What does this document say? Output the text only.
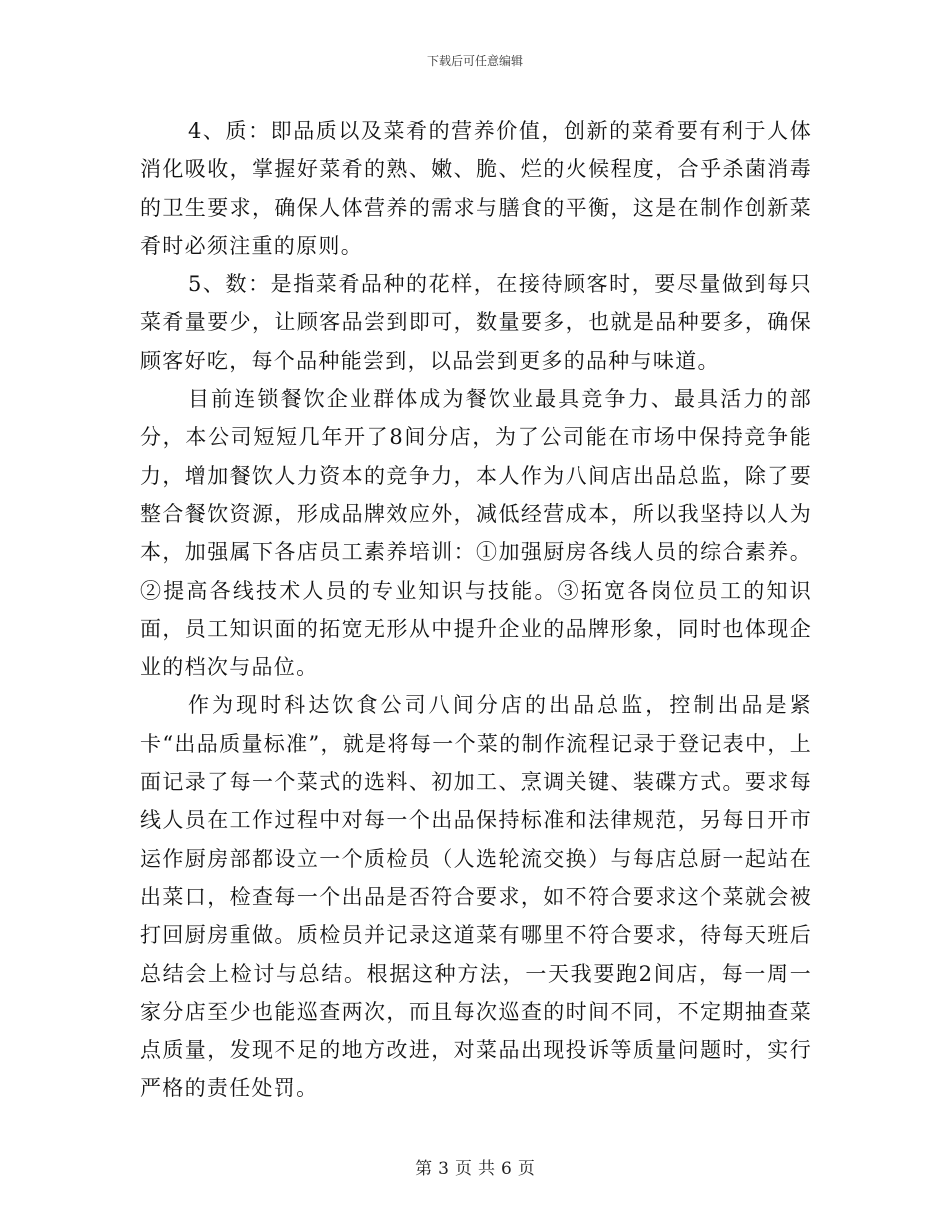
下载后可任意编辑

4、质：即品质以及菜肴的营养价值，创新的菜肴要有利于人体消化吸收，掌握好菜肴的熟、嫩、脆、烂的火候程度，合乎杀菌消毒的卫生要求，确保人体营养的需求与膳食的平衡，这是在制作创新菜肴时必须注重的原则。

5、数：是指菜肴品种的花样，在接待顾客时，要尽量做到每只菜肴量要少，让顾客品尝到即可，数量要多，也就是品种要多，确保顾客好吃，每个品种能尝到，以品尝到更多的品种与味道。

目前连锁餐饮企业群体成为餐饮业最具竞争力、最具活力的部分，本公司短短几年开了8间分店，为了公司能在市场中保持竞争能力，增加餐饮人力资本的竞争力，本人作为八间店出品总监，除了要整合餐饮资源，形成品牌效应外，减低经营成本，所以我坚持以人为本，加强属下各店员工素养培训：①加强厨房各线人员的综合素养。②提高各线技术人员的专业知识与技能。③拓宽各岗位员工的知识面，员工知识面的拓宽无形从中提升企业的品牌形象，同时也体现企业的档次与品位。

作为现时科达饮食公司八间分店的出品总监，控制出品是紧卡“出品质量标准”，就是将每一个菜的制作流程记录于登记表中，上面记录了每一个菜式的选料、初加工、烹调关键、装碟方式。要求每线人员在工作过程中对每一个出品保持标准和法律规范，另每日开市运作厨房部都设立一个质检员（人选轮流交换）与每店总厨一起站在出菜口，检查每一个出品是否符合要求，如不符合要求这个菜就会被打回厨房重做。质检员并记录这道菜有哪里不符合要求，待每天班后总结会上检讨与总结。根据这种方法，一天我要跑2间店，每一周一家分店至少也能巡查两次，而且每次巡查的时间不同，不定期抽查菜点质量，发现不足的地方改进，对菜品出现投诉等质量问题时，实行严格的责任处罚。

第 3 页 共 6 页
